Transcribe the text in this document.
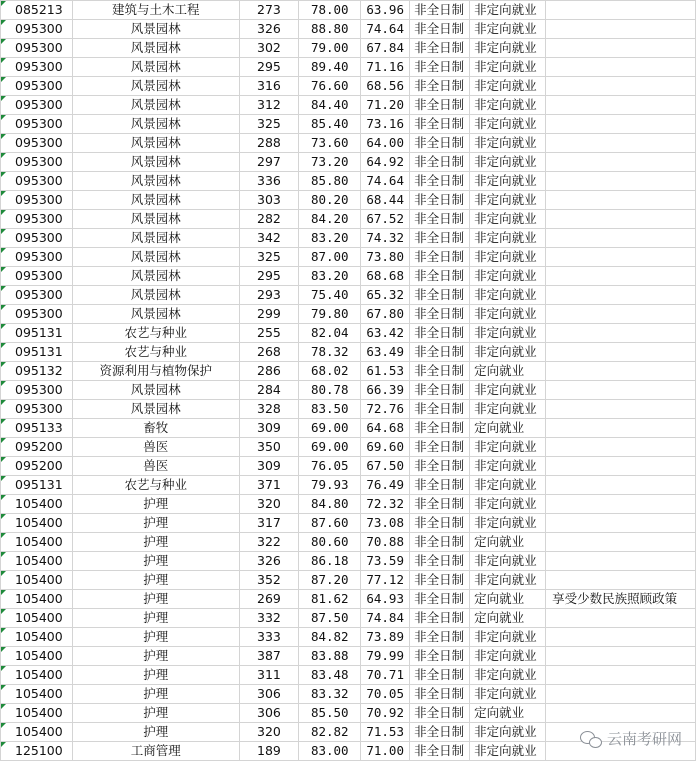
085213	建筑与土木工程	273	78.00	63.96	非全日制	非定向就业	
095300	风景园林	326	88.80	74.64	非全日制	非定向就业	
095300	风景园林	302	79.00	67.84	非全日制	非定向就业	
095300	风景园林	295	89.40	71.16	非全日制	非定向就业	
095300	风景园林	316	76.60	68.56	非全日制	非定向就业	
095300	风景园林	312	84.40	71.20	非全日制	非定向就业	
095300	风景园林	325	85.40	73.16	非全日制	非定向就业	
095300	风景园林	288	73.60	64.00	非全日制	非定向就业	
095300	风景园林	297	73.20	64.92	非全日制	非定向就业	
095300	风景园林	336	85.80	74.64	非全日制	非定向就业	
095300	风景园林	303	80.20	68.44	非全日制	非定向就业	
095300	风景园林	282	84.20	67.52	非全日制	非定向就业	
095300	风景园林	342	83.20	74.32	非全日制	非定向就业	
095300	风景园林	325	87.00	73.80	非全日制	非定向就业	
095300	风景园林	295	83.20	68.68	非全日制	非定向就业	
095300	风景园林	293	75.40	65.32	非全日制	非定向就业	
095300	风景园林	299	79.80	67.80	非全日制	非定向就业	
095131	农艺与种业	255	82.04	63.42	非全日制	非定向就业	
095131	农艺与种业	268	78.32	63.49	非全日制	非定向就业	
095132	资源利用与植物保护	286	68.02	61.53	非全日制	定向就业	
095300	风景园林	284	80.78	66.39	非全日制	非定向就业	
095300	风景园林	328	83.50	72.76	非全日制	非定向就业	
095133	畜牧	309	69.00	64.68	非全日制	定向就业	
095200	兽医	350	69.00	69.60	非全日制	非定向就业	
095200	兽医	309	76.05	67.50	非全日制	非定向就业	
095131	农艺与种业	371	79.93	76.49	非全日制	非定向就业	
105400	护理	320	84.80	72.32	非全日制	非定向就业	
105400	护理	317	87.60	73.08	非全日制	非定向就业	
105400	护理	322	80.60	70.88	非全日制	定向就业	
105400	护理	326	86.18	73.59	非全日制	非定向就业	
105400	护理	352	87.20	77.12	非全日制	非定向就业	
105400	护理	269	81.62	64.93	非全日制	定向就业	享受少数民族照顾政策
105400	护理	332	87.50	74.84	非全日制	定向就业	
105400	护理	333	84.82	73.89	非全日制	非定向就业	
105400	护理	387	83.88	79.99	非全日制	非定向就业	
105400	护理	311	83.48	70.71	非全日制	非定向就业	
105400	护理	306	83.32	70.05	非全日制	非定向就业	
105400	护理	306	85.50	70.92	非全日制	定向就业	
105400	护理	320	82.82	71.53	非全日制	非定向就业	
125100	工商管理	189	83.00	71.00	非全日制	非定向就业	
云南考研网
